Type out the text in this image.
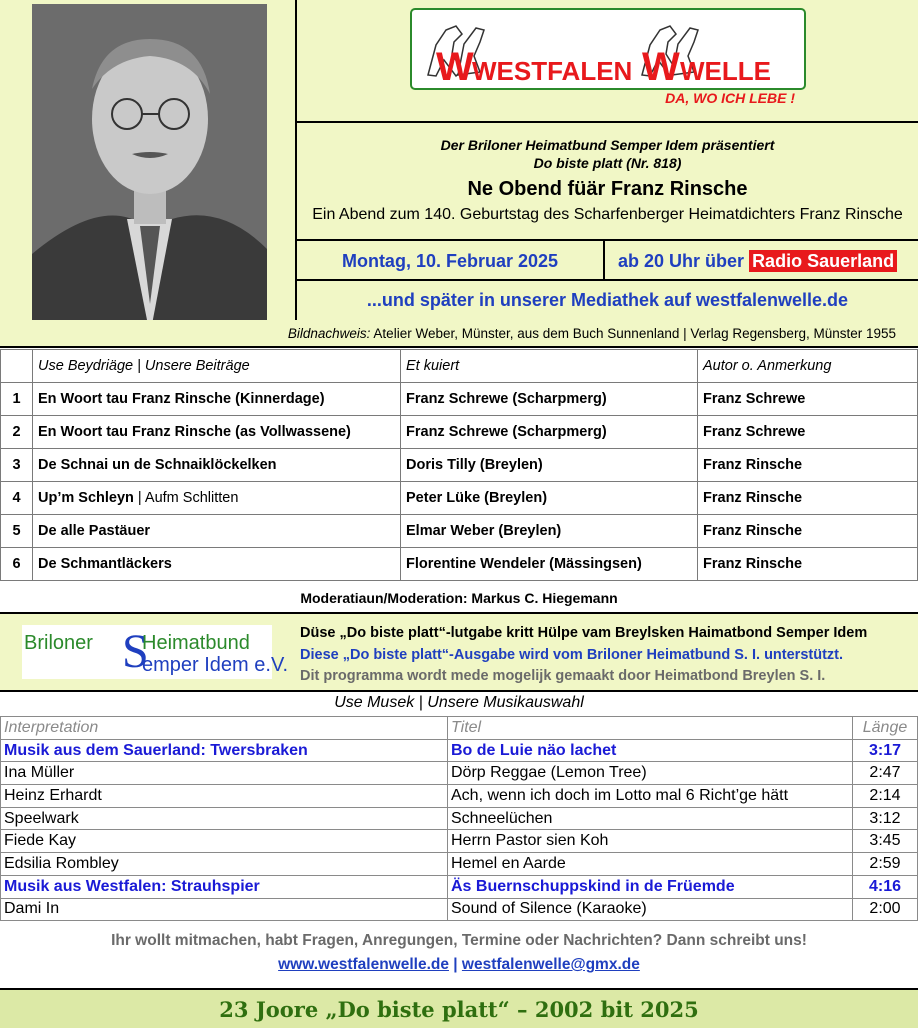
W	W
WESTFALEN WELLE
DA, WO ICH LEBE !
Der Briloner Heimatbund Semper Idem präsentiert
Do biste platt (Nr. 818)
Ne Obend füär Franz Rinsche
Ein Abend zum 140. Geburtstag des Scharfenberger Heimatdichters Franz Rinsche
Montag, 10. Februar 2025	ab 20 Uhr über Radio Sauerland
...und später in unserer Mediathek auf westfalenwelle.de
Bildnachweis: Atelier Weber, Münster, aus dem Buch Sunnenland | Verlag Regensberg, Münster 1955
	Use Beydriäge | Unsere Beiträge	Et kuiert	Autor o. Anmerkung
1	En Woort tau Franz Rinsche (Kinnerdage)	Franz Schrewe (Scharpmerg)	Franz Schrewe
2	En Woort tau Franz Rinsche (as Vollwassene)	Franz Schrewe (Scharpmerg)	Franz Schrewe
3	De Schnai un de Schnaiklöckelken	Doris Tilly (Breylen)	Franz Rinsche
4	Up’m Schleyn | Aufm Schlitten	Peter Lüke (Breylen)	Franz Rinsche
5	De alle Pastäuer	Elmar Weber (Breylen)	Franz Rinsche
6	De Schmantläckers	Florentine Wendeler (Mässingsen)	Franz Rinsche
Moderatiaun/Moderation: Markus C. Hiegemann
Briloner S
Heimatbund
emper Idem e.V.
Düse „Do biste platt“-lutgabe kritt Hülpe vam Breylsken Haimatbond Semper Idem
Diese „Do biste platt“-Ausgabe wird vom Briloner Heimatbund S. I. unterstützt.
Dit programma wordt mede mogelijk gemaakt door Heimatbond Breylen S. I.
Use Musek | Unsere Musikauswahl
Interpretation	Titel	Länge
Musik aus dem Sauerland: Twersbraken	Bo de Luie näo lachet	3:17
Ina Müller	Dörp Reggae (Lemon Tree)	2:47
Heinz Erhardt	Ach, wenn ich doch im Lotto mal 6 Richt’ge hätt	2:14
Speelwark	Schneelüchen	3:12
Fiede Kay	Herrn Pastor sien Koh	3:45
Edsilia Rombley	Hemel en Aarde	2:59
Musik aus Westfalen: Strauhspier	Äs Buernschuppskind in de Früemde	4:16
Dami In	Sound of Silence (Karaoke)	2:00
Ihr wollt mitmachen, habt Fragen, Anregungen, Termine oder Nachrichten? Dann schreibt uns!
www.westfalenwelle.de | westfalenwelle@gmx.de
23 Joore „Do biste platt“ – 2002 bit 2025
